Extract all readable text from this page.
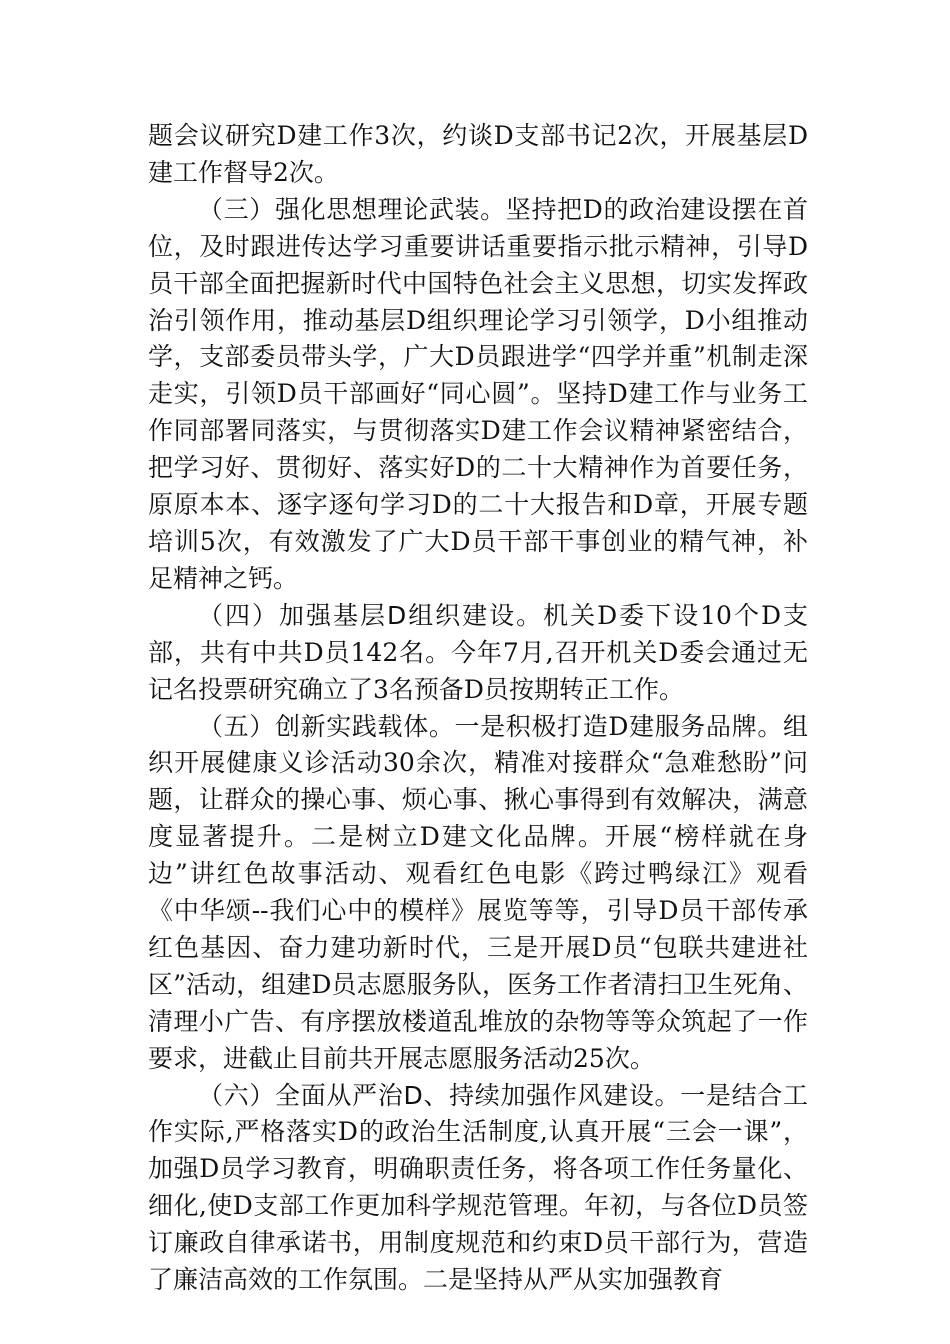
题会议研究D建工作3次，约谈D支部书记2次，开展基层D建工作督导2次。

（三）强化思想理论武装。坚持把D的政治建设摆在首位，及时跟进传达学习重要讲话重要指示批示精神，引导D员干部全面把握新时代中国特色社会主义思想，切实发挥政治引领作用，推动基层D组织理论学习引领学，D小组推动学，支部委员带头学，广大D员跟进学“四学并重”机制走深走实，引领D员干部画好“同心圆”。坚持D建工作与业务工作同部署同落实，与贯彻落实D建工作会议精神紧密结合，把学习好、贯彻好、落实好D的二十大精神作为首要任务，原原本本、逐字逐句学习D的二十大报告和D章，开展专题培训5次，有效激发了广大D员干部干事创业的精气神，补足精神之钙。

（四）加强基层D组织建设。机关D委下设10个D支部，共有中共D员142名。今年7月,召开机关D委会通过无记名投票研究确立了3名预备D员按期转正工作。

（五）创新实践载体。一是积极打造D建服务品牌。组织开展健康义诊活动30余次，精准对接群众“急难愁盼”问题，让群众的操心事、烦心事、揪心事得到有效解决，满意度显著提升。二是树立D建文化品牌。开展“榜样就在身边”讲红色故事活动、观看红色电影《跨过鸭绿江》观看《中华颂--我们心中的模样》展览等等，引导D员干部传承红色基因、奋力建功新时代，三是开展D员“包联共建进社区”活动，组建D员志愿服务队，医务工作者清扫卫生死角、清理小广告、有序摆放楼道乱堆放的杂物等等众筑起了一作要求，进截止目前共开展志愿服务活动25次。

（六）全面从严治D、持续加强作风建设。一是结合工作实际,严格落实D的政治生活制度,认真开展“三会一课”，加强D员学习教育，明确职责任务，将各项工作任务量化、细化,使D支部工作更加科学规范管理。年初，与各位D员签订廉政自律承诺书，用制度规范和约束D员干部行为，营造了廉洁高效的工作氛围。二是坚持从严从实加强教育
